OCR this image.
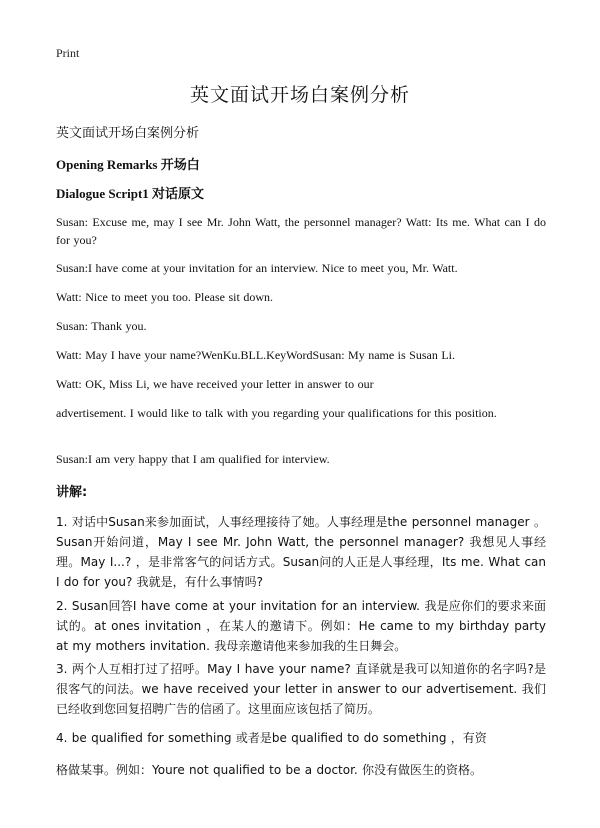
Print
英文面试开场白案例分析
英文面试开场白案例分析
Opening Remarks 开场白
Dialogue Script1 对话原文
Susan: Excuse me, may I see Mr. John Watt, the personnel manager? Watt: Its me. What can I do for you?
Susan:I have come at your invitation for an interview. Nice to meet you, Mr. Watt.
Watt: Nice to meet you too. Please sit down.
Susan: Thank you.
Watt: May I have your name?WenKu.BLL.KeyWordSusan: My name is Susan Li.
Watt: OK, Miss Li, we have received your letter in answer to our
advertisement. I would like to talk with you regarding your qualifications for this position.
Susan:I am very happy that I am qualified for interview.
讲解:
1. 对话中Susan来参加面试，人事经理接待了她。人事经理是the personnel manager 。Susan开始问道，May I see Mr. John Watt, the personnel manager? 我想见人事经理。May I...? ，是非常客气的问话方式。Susan问的人正是人事经理，Its me. What can I do for you? 我就是，有什么事情吗?
2. Susan回答I have come at your invitation for an interview. 我是应你们的要求来面试的。at ones invitation ，在某人的邀请下。例如：He came to my birthday party at my mothers invitation. 我母亲邀请他来参加我的生日舞会。
3. 两个人互相打过了招呼。May I have your name? 直译就是我可以知道你的名字吗?是很客气的问法。we have received your letter in answer to our advertisement. 我们已经收到您回复招聘广告的信函了。这里面应该包括了简历。
4. be qualified for something 或者是be qualified to do something ，有资
格做某事。例如：Youre not qualified to be a doctor. 你没有做医生的资格。
